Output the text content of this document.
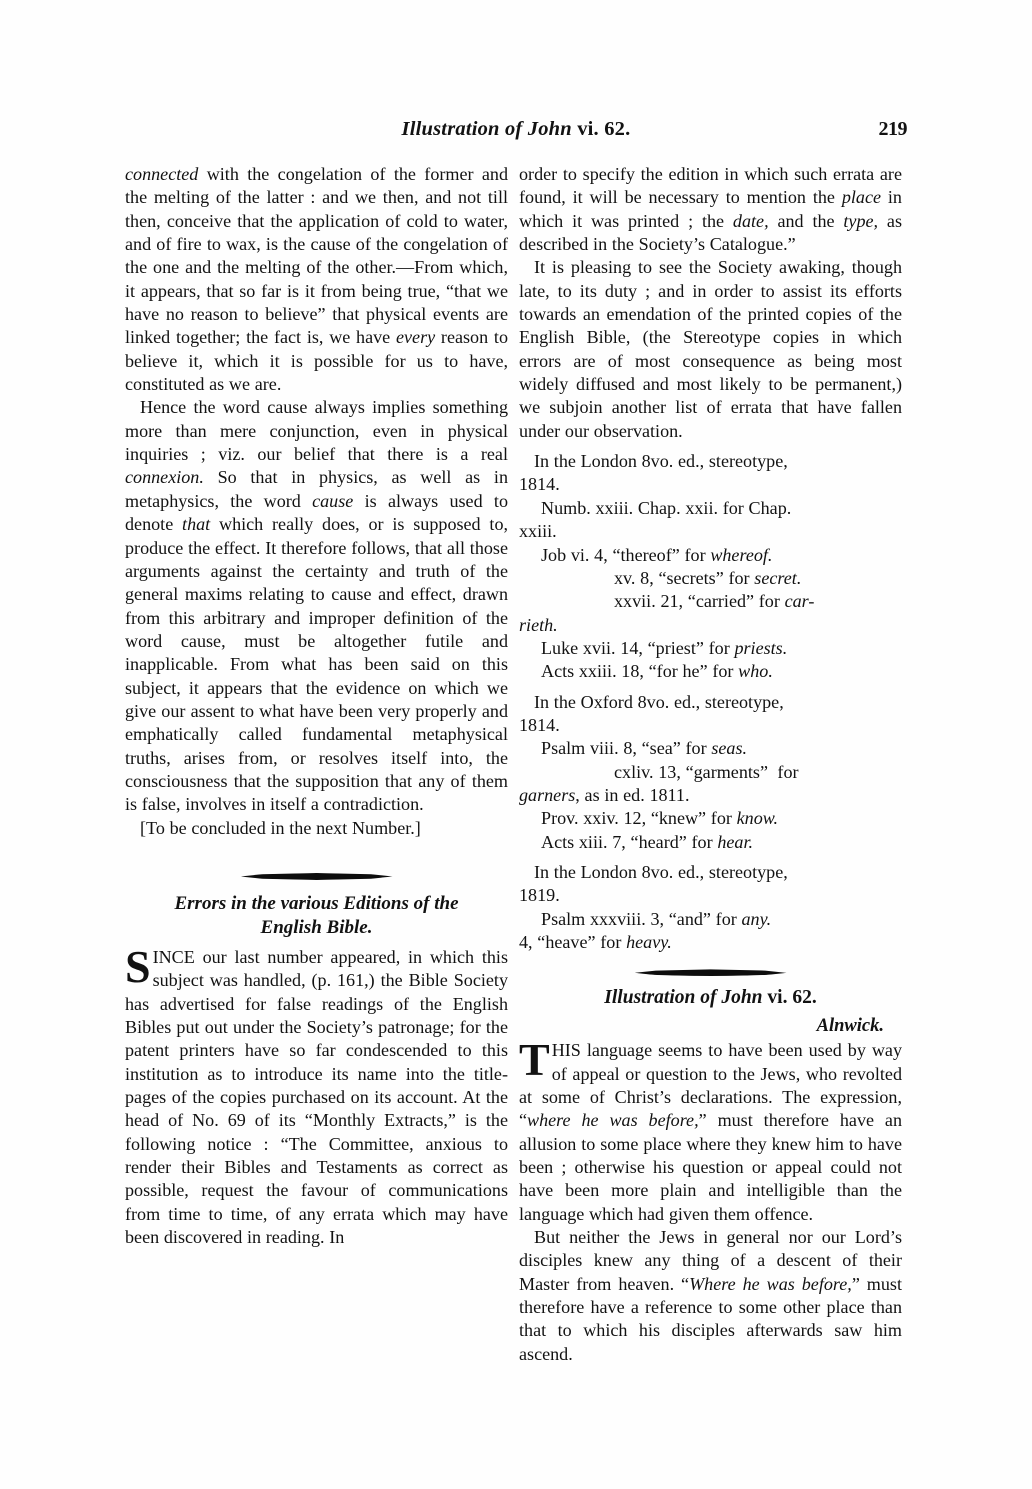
Illustration of John vi. 62.	219

connected with the congelation of the former and the melting of the latter : and we then, and not till then, conceive that the application of cold to water, and of fire to wax, is the cause of the congelation of the one and the melting of the other.—From which, it appears, that so far is it from being true, “that we have no reason to believe” that physical events are linked together; the fact is, we have every reason to believe it, which it is possible for us to have, constituted as we are.

Hence the word cause always implies something more than mere conjunction, even in physical inquiries ; viz. our belief that there is a real con⁠nexion. So that in physics, as well as in metaphysics, the word cause is always used to denote that which really does, or is supposed to, produce the effect. It therefore follows, that all those arguments against the certainty and truth of the general maxims relating to cause and effect, drawn from this arbitrary and improper definition of the word cause, must be altogether futile and inapplicable. From what has been said on this subject, it appears that the evidence on which we give our assent to what have been very properly and emphatically called fundamental metaphysical truths, arises from, or resolves itself into, the consciousness that the supposition that any of them is false, involves in itself a contradiction.

[To be concluded in the next Number.]

Errors in the various Editions of the
English Bible.

SINCE our last number appeared, in which this subject was handled, (p. 161,) the Bible Society has advertised for false readings of the English Bibles put out under the Society’s patronage; for the patent printers have so far condescended to this institution as to introduce its name into the title-pages of the copies purchased on its account. At the head of No. 69 of its “Monthly Extracts,” is the following notice : “The Committee, anxious to render their Bibles and Testaments as correct as possible, request the favour of communications from time to time, of any errata which may have been discovered in reading. In

order to specify the edition in which such errata are found, it will be necessary to mention the place in which it was printed ; the date, and the type, as described in the Society’s Catalogue.”

It is pleasing to see the Society awaking, though late, to its duty ; and in order to assist its efforts towards an emendation of the printed copies of the English Bible, (the Stereotype copies in which errors are of most consequence as being most widely diffused and most likely to be permanent,) we subjoin another list of errata that have fallen under our observation.

In the London 8vo. ed., stereotype,

1814.

Numb. xxiii. Chap. xxii. for Chap.

xxiii.

Job vi. 4, “thereof” for whereof.

xv. 8, “secrets” for secret.

xxvii. 21, “carried” for car-

rieth.

Luke xvii. 14, “priest” for priests.

Acts xxiii. 18, “for he” for who.

In the Oxford 8vo. ed., stereotype,

1814.

Psalm viii. 8, “sea” for seas.

cxliv. 13, “garments”  for

garners, as in ed. 1811.

Prov. xxiv. 12, “knew” for know.

Acts xiii. 7, “heard” for hear.

In the London 8vo. ed., stereotype,

1819.

Psalm xxxviii. 3, “and” for any.

4, “heave” for heavy.

Illustration of John vi. 62.
Alnwick.

THIS language seems to have been used by way of appeal or question to the Jews, who revolted at some of Christ’s declarations. The expression, “where he was before,” must therefore have an allusion to some place where they knew him to have been ; otherwise his question or appeal could not have been more plain and intelligible than the language which had given them offence.

But neither the Jews in general nor our Lord’s disciples knew any thing of a descent of their Master from heaven. “Where he was before,” must therefore have a reference to some other place than that to which his disciples afterwards saw him ascend.
